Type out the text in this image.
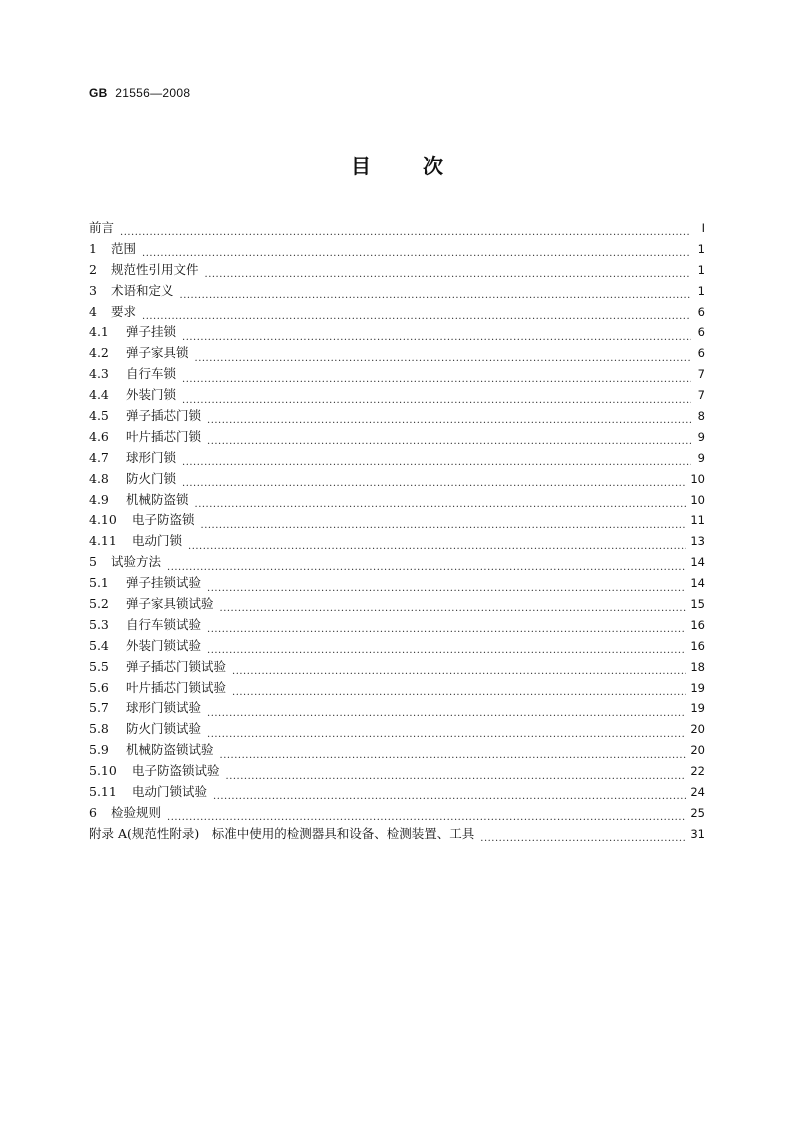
GB 21556—2008
目	次
前言 ·····	I
1	范围 ·····	1
2	规范性引用文件 ·····	1
3	术语和定义 ·····	1
4	要求 ·····	6
4.1	弹子挂锁 ·····	6
4.2	弹子家具锁 ·····	6
4.3	自行车锁 ·····	7
4.4	外装门锁 ·····	7
4.5	弹子插芯门锁 ·····	8
4.6	叶片插芯门锁 ·····	9
4.7	球形门锁 ·····	9
4.8	防火门锁 ·····	10
4.9	机械防盗锁 ·····	10
4.10	电子防盗锁 ·····	11
4.11	电动门锁 ·····	13
5	试验方法 ·····	14
5.1	弹子挂锁试验 ·····	14
5.2	弹子家具锁试验 ·····	15
5.3	自行车锁试验 ·····	16
5.4	外装门锁试验 ·····	16
5.5	弹子插芯门锁试验 ·····	18
5.6	叶片插芯门锁试验 ·····	19
5.7	球形门锁试验 ·····	19
5.8	防火门锁试验 ·····	20
5.9	机械防盗锁试验 ·····	20
5.10	电子防盗锁试验 ·····	22
5.11	电动门锁试验 ·····	24
6	检验规则 ·····	25
附录 A(规范性附录)　标准中使用的检测器具和设备、检测装置、工具 ·····	31
